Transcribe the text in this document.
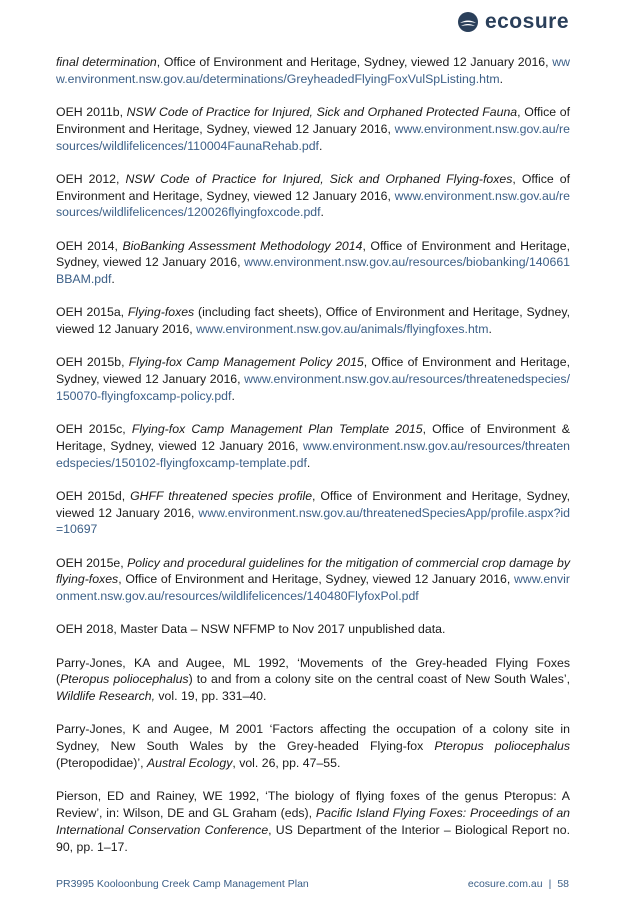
ecosure

final determination, Office of Environment and Heritage, Sydney, viewed 12 January 2016, www.environment.nsw.gov.au/determinations/GreyheadedFlyingFoxVulSpListing.htm.

OEH 2011b, NSW Code of Practice for Injured, Sick and Orphaned Protected Fauna, Office of Environment and Heritage, Sydney, viewed 12 January 2016, www.environment.nsw.gov.au/resources/wildlifelicences/110004FaunaRehab.pdf.

OEH 2012, NSW Code of Practice for Injured, Sick and Orphaned Flying-foxes, Office of Environment and Heritage, Sydney, viewed 12 January 2016, www.environment.nsw.gov.au/resources/wildlifelicences/120026flyingfoxcode.pdf.

OEH 2014, BioBanking Assessment Methodology 2014, Office of Environment and Heritage, Sydney, viewed 12 January 2016, www.environment.nsw.gov.au/resources/biobanking/140661BBAM.pdf.

OEH 2015a, Flying-foxes (including fact sheets), Office of Environment and Heritage, Sydney, viewed 12 January 2016, www.environment.nsw.gov.au/animals/flyingfoxes.htm.

OEH 2015b, Flying-fox Camp Management Policy 2015, Office of Environment and Heritage, Sydney, viewed 12 January 2016, www.environment.nsw.gov.au/resources/threatenedspecies/150070-flyingfoxcamp-policy.pdf.

OEH 2015c, Flying-fox Camp Management Plan Template 2015, Office of Environment & Heritage, Sydney, viewed 12 January 2016, www.environment.nsw.gov.au/resources/threatenedspecies/150102-flyingfoxcamp-template.pdf.

OEH 2015d, GHFF threatened species profile, Office of Environment and Heritage, Sydney, viewed 12 January 2016, www.environment.nsw.gov.au/threatenedSpeciesApp/profile.aspx?id=10697

OEH 2015e, Policy and procedural guidelines for the mitigation of commercial crop damage by flying-foxes, Office of Environment and Heritage, Sydney, viewed 12 January 2016, www.environment.nsw.gov.au/resources/wildlifelicences/140480FlyfoxPol.pdf

OEH 2018, Master Data – NSW NFFMP to Nov 2017 unpublished data.

Parry-Jones, KA and Augee, ML 1992, ‘Movements of the Grey-headed Flying Foxes (Pteropus poliocephalus) to and from a colony site on the central coast of New South Wales’, Wildlife Research, vol. 19, pp. 331–40.

Parry-Jones, K and Augee, M 2001 ‘Factors affecting the occupation of a colony site in Sydney, New South Wales by the Grey-headed Flying-fox Pteropus poliocephalus (Pteropodidae)’, Austral Ecology, vol. 26, pp. 47–55.

Pierson, ED and Rainey, WE 1992, ‘The biology of flying foxes of the genus Pteropus: A Review’, in: Wilson, DE and GL Graham (eds), Pacific Island Flying Foxes: Proceedings of an International Conservation Conference, US Department of the Interior – Biological Report no. 90, pp. 1–17.

PR3995 Kooloonbung Creek Camp Management Plan	ecosure.com.au | 58
